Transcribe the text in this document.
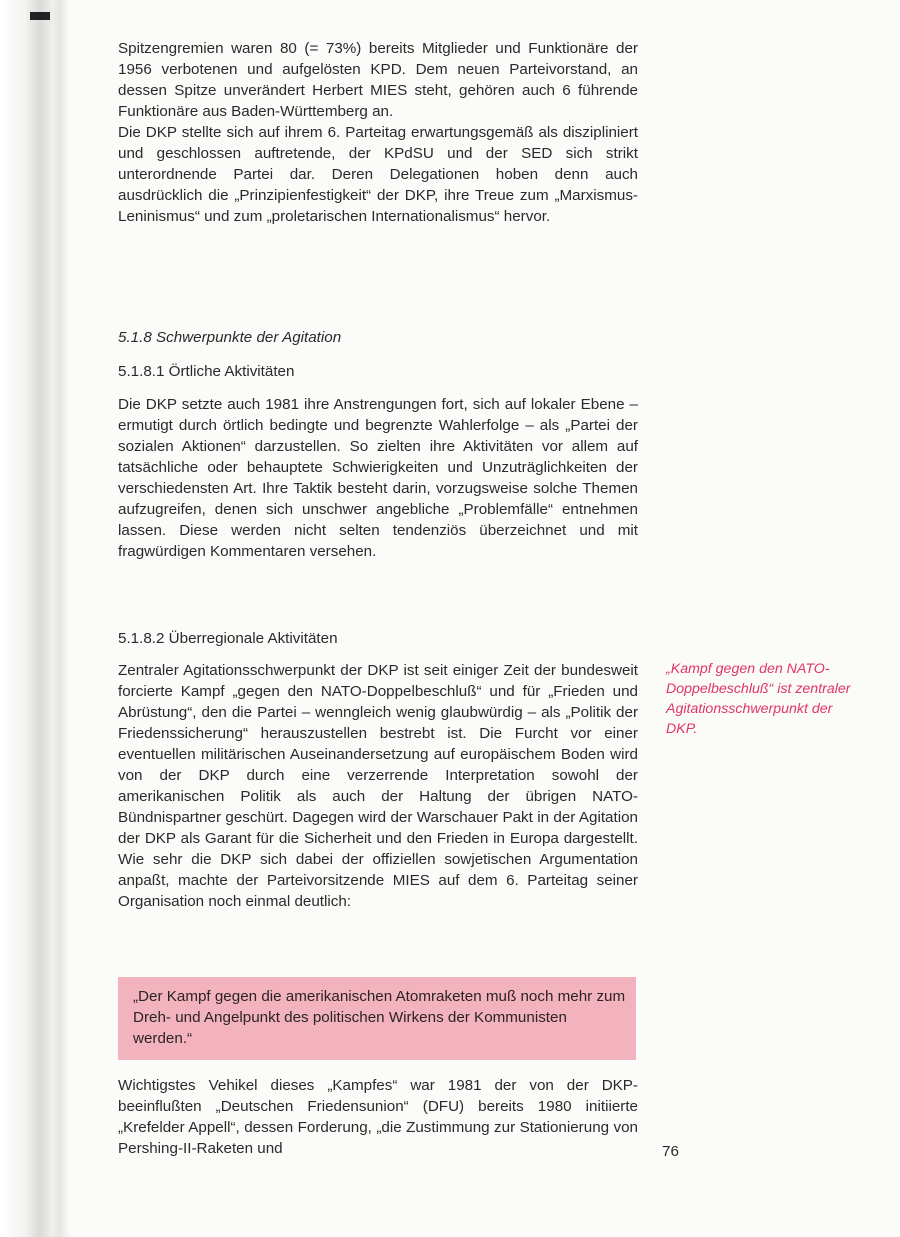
Spitzengremien waren 80 (= 73%) bereits Mitglieder und Funktionäre der 1956 verbotenen und aufgelösten KPD. Dem neuen Parteivorstand, an dessen Spitze unverändert Herbert MIES steht, gehören auch 6 führende Funktionäre aus Baden-Württemberg an.

Die DKP stellte sich auf ihrem 6. Parteitag erwartungsgemäß als diszipliniert und geschlossen auftretende, der KPdSU und der SED sich strikt unterordnende Partei dar. Deren Delegationen hoben denn auch ausdrücklich die „Prinzipienfestigkeit“ der DKP, ihre Treue zum „Marxismus-Leninismus“ und zum „proletarischen Internationalismus“ hervor.

5.1.8 Schwerpunkte der Agitation
5.1.8.1 Örtliche Aktivitäten

Die DKP setzte auch 1981 ihre Anstrengungen fort, sich auf lokaler Ebene – ermutigt durch örtlich bedingte und begrenzte Wahlerfolge – als „Partei der sozialen Aktionen“ darzustellen. So zielten ihre Aktivitäten vor allem auf tatsächliche oder behauptete Schwierigkeiten und Unzuträglichkeiten der verschiedensten Art. Ihre Taktik besteht darin, vorzugsweise solche Themen aufzugreifen, denen sich unschwer angebliche „Problemfälle“ entnehmen lassen. Diese werden nicht selten tendenziös überzeichnet und mit fragwürdigen Kommentaren versehen.

5.1.8.2 Überregionale Aktivitäten

Zentraler Agitationsschwerpunkt der DKP ist seit einiger Zeit der bundesweit forcierte Kampf „gegen den NATO-Doppelbeschluß“ und für „Frieden und Abrüstung“, den die Partei – wenngleich wenig glaubwürdig – als „Politik der Friedenssicherung“ herauszustellen bestrebt ist. Die Furcht vor einer eventuellen militärischen Auseinandersetzung auf europäischem Boden wird von der DKP durch eine verzerrende Interpretation sowohl der amerikanischen Politik als auch der Haltung der übrigen NATO-Bündnispartner geschürt. Dagegen wird der Warschauer Pakt in der Agitation der DKP als Garant für die Sicherheit und den Frieden in Europa dargestellt. Wie sehr die DKP sich dabei der offiziellen sowjetischen Argumentation anpaßt, machte der Parteivorsitzende MIES auf dem 6. Parteitag seiner Organisation noch einmal deutlich:

„Der Kampf gegen die amerikanischen Atomraketen muß noch mehr zum Dreh- und Angelpunkt des politischen Wirkens der Kommunisten werden.“

Wichtigstes Vehikel dieses „Kampfes“ war 1981 der von der DKP-beeinflußten „Deutschen Friedensunion“ (DFU) bereits 1980 initiierte „Krefelder Appell“, dessen Forderung, „die Zustimmung zur Stationierung von Pershing-II-Raketen und

„Kampf gegen den NATO-Doppelbeschluß“ ist zentraler Agitationsschwerpunkt der DKP.

76
